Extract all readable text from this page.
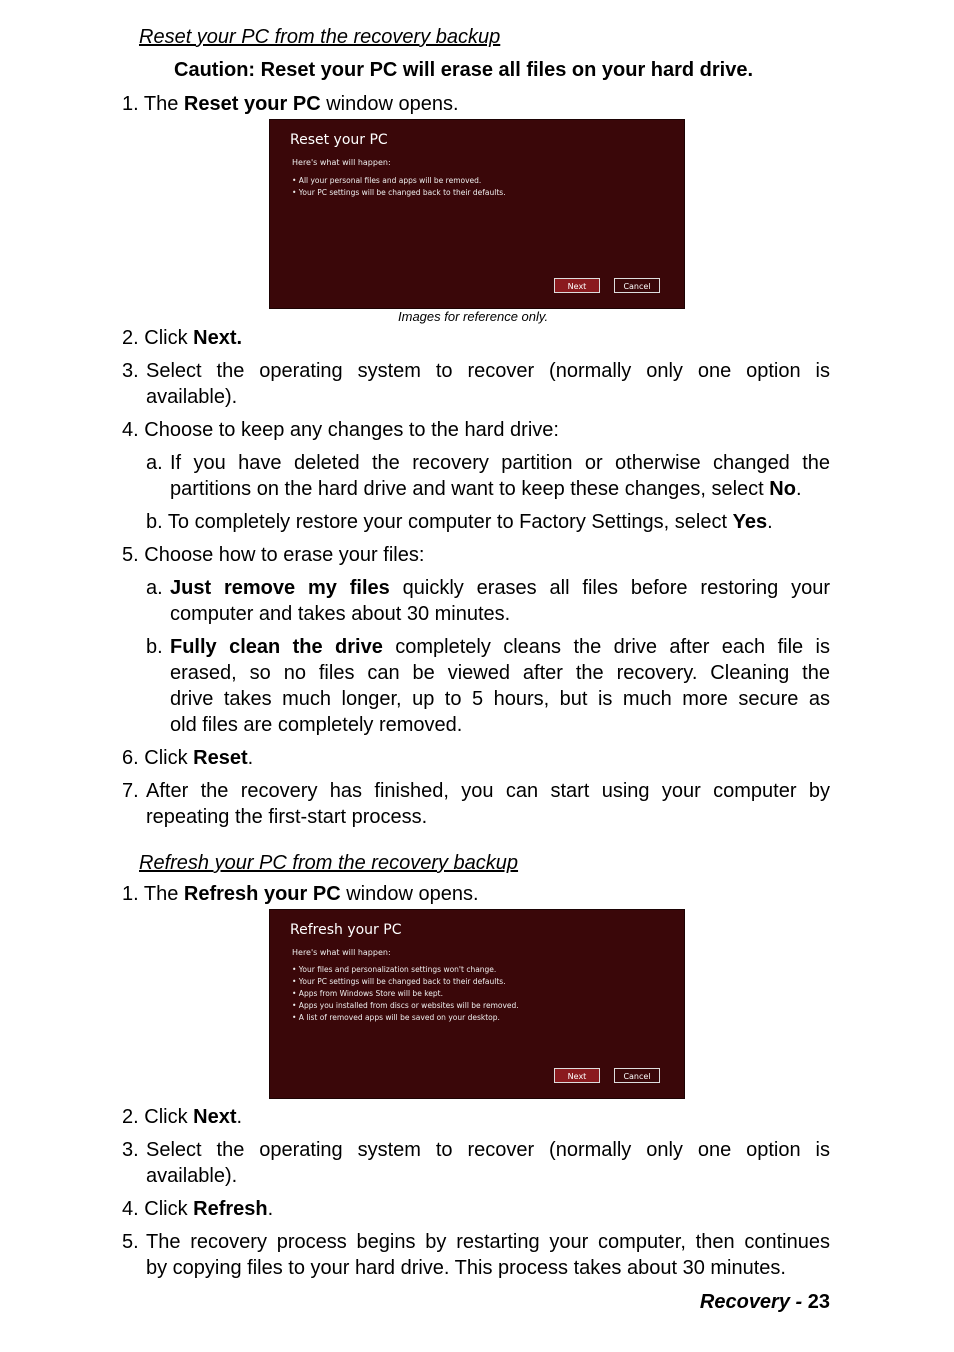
Reset your PC from the recovery backup
Caution: Reset your PC will erase all files on your hard drive.
1. The Reset your PC window opens.
Reset your PC
Here's what will happen:
• All your personal files and apps will be removed.
• Your PC settings will be changed back to their defaults.
Next	Cancel
Images for reference only.
2. Click Next.
3. Select the operating system to recover (normally only one option is
available).
4. Choose to keep any changes to the hard drive:
a. If you have deleted the recovery partition or otherwise changed the
partitions on the hard drive and want to keep these changes, select No.
b. To completely restore your computer to Factory Settings, select Yes.
5. Choose how to erase your files:
a. Just remove my files quickly erases all files before restoring your
computer and takes about 30 minutes.
b. Fully clean the drive completely cleans the drive after each file is
erased, so no files can be viewed after the recovery. Cleaning the
drive takes much longer, up to 5 hours, but is much more secure as
old files are completely removed.
6. Click Reset.
7. After the recovery has finished, you can start using your computer by
repeating the first-start process.
Refresh your PC from the recovery backup
1. The Refresh your PC window opens.
Refresh your PC
Here's what will happen:
• Your files and personalization settings won't change.
• Your PC settings will be changed back to their defaults.
• Apps from Windows Store will be kept.
• Apps you installed from discs or websites will be removed.
• A list of removed apps will be saved on your desktop.
Next	Cancel
2. Click Next.
3. Select the operating system to recover (normally only one option is
available).
4. Click Refresh.
5. The recovery process begins by restarting your computer, then continues
by copying files to your hard drive. This process takes about 30 minutes.
Recovery - 23
